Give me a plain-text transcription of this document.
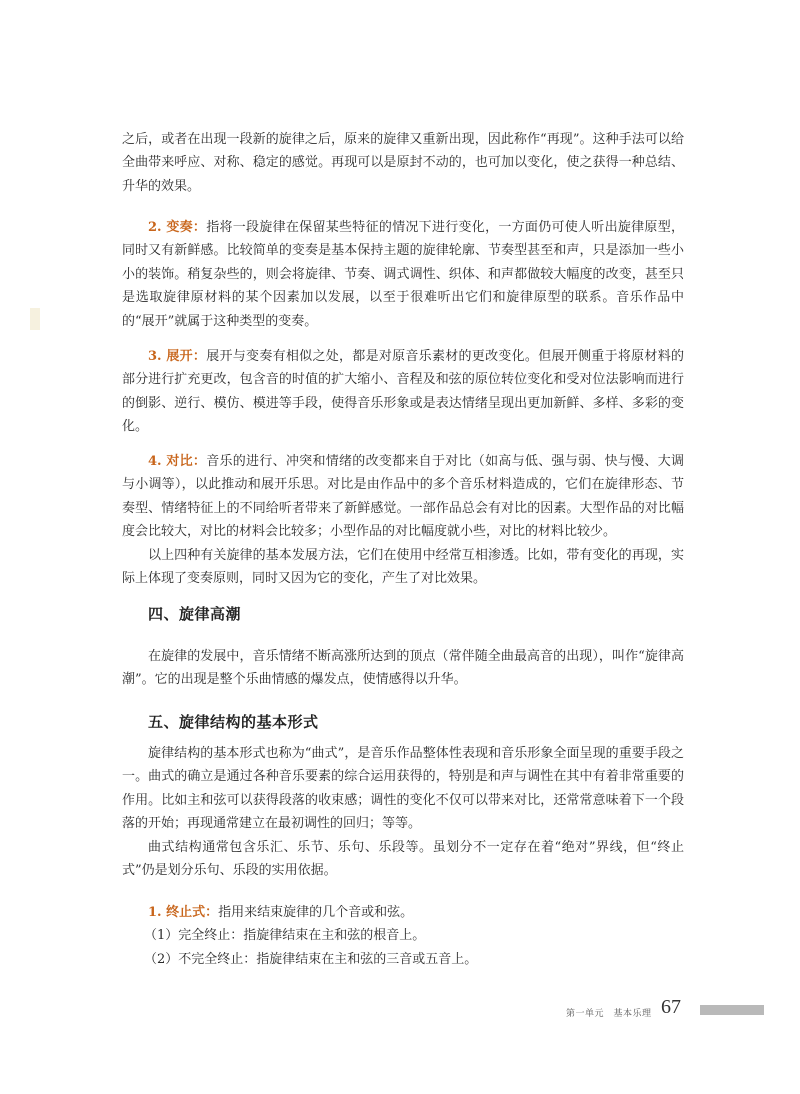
之后，或者在出现一段新的旋律之后，原来的旋律又重新出现，因此称作“再现”。这种手法可以给全曲带来呼应、对称、稳定的感觉。再现可以是原封不动的，也可加以变化，使之获得一种总结、升华的效果。

2. 变奏：指将一段旋律在保留某些特征的情况下进行变化，一方面仍可使人听出旋律原型，同时又有新鲜感。比较简单的变奏是基本保持主题的旋律轮廓、节奏型甚至和声，只是添加一些小小的装饰。稍复杂些的，则会将旋律、节奏、调式调性、织体、和声都做较大幅度的改变，甚至只是选取旋律原材料的某个因素加以发展，以至于很难听出它们和旋律原型的联系。音乐作品中的“展开”就属于这种类型的变奏。

3. 展开：展开与变奏有相似之处，都是对原音乐素材的更改变化。但展开侧重于将原材料的部分进行扩充更改，包含音的时值的扩大缩小、音程及和弦的原位转位变化和受对位法影响而进行的倒影、逆行、模仿、模进等手段，使得音乐形象或是表达情绪呈现出更加新鲜、多样、多彩的变化。

4. 对比：音乐的进行、冲突和情绪的改变都来自于对比（如高与低、强与弱、快与慢、大调与小调等），以此推动和展开乐思。对比是由作品中的多个音乐材料造成的，它们在旋律形态、节奏型、情绪特征上的不同给听者带来了新鲜感觉。一部作品总会有对比的因素。大型作品的对比幅度会比较大，对比的材料会比较多；小型作品的对比幅度就小些，对比的材料比较少。

以上四种有关旋律的基本发展方法，它们在使用中经常互相渗透。比如，带有变化的再现，实际上体现了变奏原则，同时又因为它的变化，产生了对比效果。

四、旋律高潮

在旋律的发展中，音乐情绪不断高涨所达到的顶点（常伴随全曲最高音的出现），叫作“旋律高潮”。它的出现是整个乐曲情感的爆发点，使情感得以升华。

五、旋律结构的基本形式

旋律结构的基本形式也称为“曲式”，是音乐作品整体性表现和音乐形象全面呈现的重要手段之一。曲式的确立是通过各种音乐要素的综合运用获得的，特别是和声与调性在其中有着非常重要的作用。比如主和弦可以获得段落的收束感；调性的变化不仅可以带来对比，还常常意味着下一个段落的开始；再现通常建立在最初调性的回归；等等。

曲式结构通常包含乐汇、乐节、乐句、乐段等。虽划分不一定存在着“绝对”界线，但“终止式”仍是划分乐句、乐段的实用依据。

1. 终止式：指用来结束旋律的几个音或和弦。

（1）完全终止：指旋律结束在主和弦的根音上。

（2）不完全终止：指旋律结束在主和弦的三音或五音上。

第一单元　基本乐理 67
